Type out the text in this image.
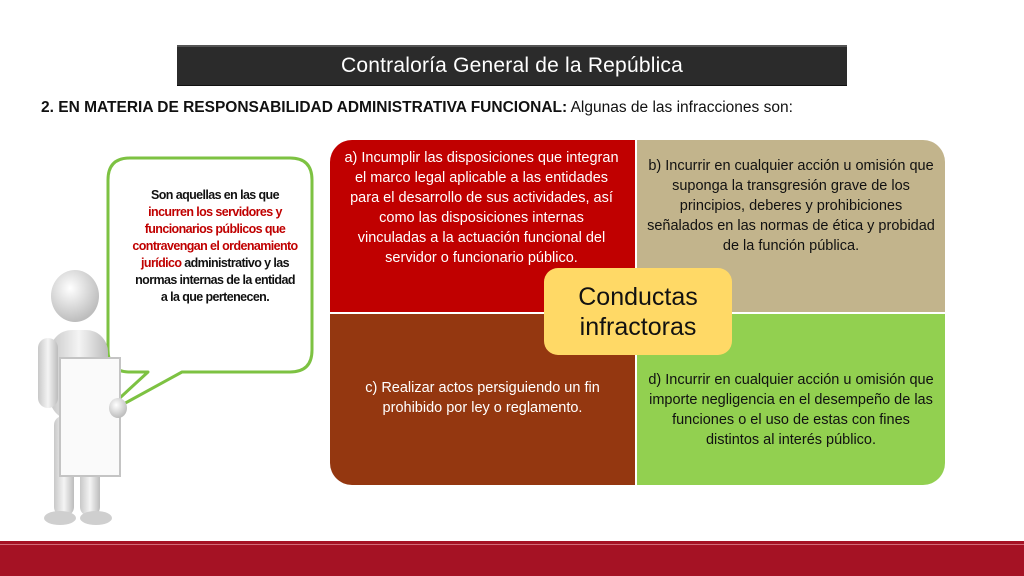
Contraloría General de la República
2. EN MATERIA DE RESPONSABILIDAD ADMINISTRATIVA FUNCIONAL: Algunas de las infracciones son:
Son aquellas en las que incurren los servidores y funcionarios públicos que contravengan el ordenamiento jurídico administrativo y las normas internas de la entidad a la que pertenecen.
a) Incumplir las disposiciones que integran el marco legal aplicable a las entidades para el desarrollo de sus actividades, así como las disposiciones internas vinculadas a la actuación funcional del servidor o funcionario público.
b) Incurrir en cualquier acción u omisión que suponga la transgresión grave de los principios, deberes y prohibiciones señalados en las normas de ética y probidad de la función pública.
c) Realizar actos persiguiendo un fin prohibido por ley o reglamento.
d) Incurrir en cualquier acción u omisión que importe negligencia en el desempeño de las funciones o el uso de estas con fines distintos al interés público.
Conductas infractoras
